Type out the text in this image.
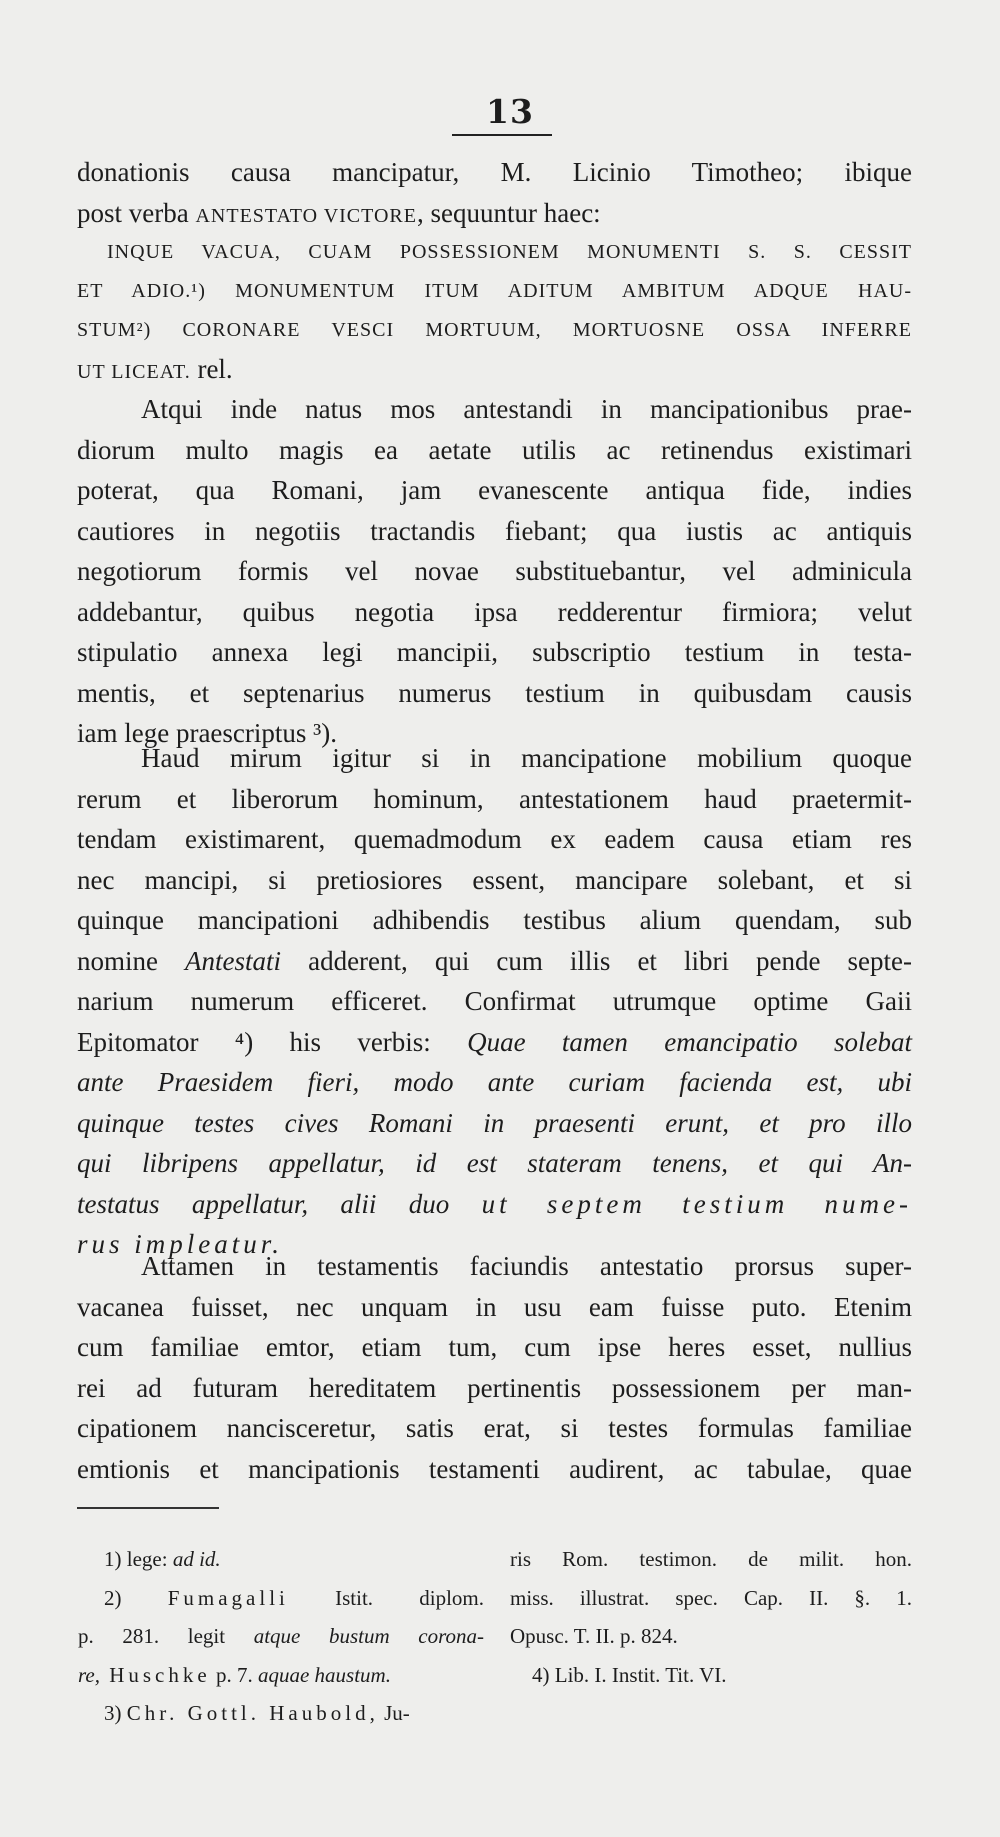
13
donationis causa mancipatur, M. Licinio Timotheo; ibique
post verba ANTESTATO VICTORE, sequuntur haec:
INQUE VACUA, CUAM POSSESSIONEM MONUMENTI S. S. CESSIT
ET ADIO.¹) MONUMENTUM ITUM ADITUM AMBITUM ADQUE HAU-
STUM²) CORONARE VESCI MORTUUM, MORTUOSNE OSSA INFERRE
UT LICEAT. rel.
Atqui inde natus mos antestandi in mancipationibus prae-
diorum multo magis ea aetate utilis ac retinendus existimari
poterat, qua Romani, jam evanescente antiqua fide, indies
cautiores in negotiis tractandis fiebant; qua iustis ac antiquis
negotiorum formis vel novae substituebantur, vel adminicula
addebantur, quibus negotia ipsa redderentur firmiora; velut
stipulatio annexa legi mancipii, subscriptio testium in testa-
mentis, et septenarius numerus testium in quibusdam causis
iam lege praescriptus ³).
Haud mirum igitur si in mancipatione mobilium quoque
rerum et liberorum hominum, antestationem haud praetermit-
tendam existimarent, quemadmodum ex eadem causa etiam res
nec mancipi, si pretiosiores essent, mancipare solebant, et si
quinque mancipationi adhibendis testibus alium quendam, sub
nomine Antestati adderent, qui cum illis et libri pende septe-
narium numerum efficeret. Confirmat utrumque optime Gaii
Epitomator ⁴) his verbis: Quae tamen emancipatio solebat
ante Praesidem fieri, modo ante curiam facienda est, ubi
quinque testes cives Romani in praesenti erunt, et pro illo
qui libripens appellatur, id est stateram tenens, et qui An-
testatus appellatur, alii duo ut septem testium nume-
rus impleatur.
Attamen in testamentis faciundis antestatio prorsus super-
vacanea fuisset, nec unquam in usu eam fuisse puto. Etenim
cum familiae emtor, etiam tum, cum ipse heres esset, nullius
rei ad futuram hereditatem pertinentis possessionem per man-
cipationem nancisceretur, satis erat, si testes formulas familiae
emtionis et mancipationis testamenti audirent, ac tabulae, quae
1) lege: ad id.
2) Fumagalli Istit. diplom.
p. 281. legit atque bustum corona-
re, Huschke p. 7. aquae haustum.
3) Chr. Gottl. Haubold, Ju-
ris Rom. testimon. de milit. hon.
miss. illustrat. spec. Cap. II. §. 1.
Opusc. T. II. p. 824.
4) Lib. I. Instit. Tit. VI.
